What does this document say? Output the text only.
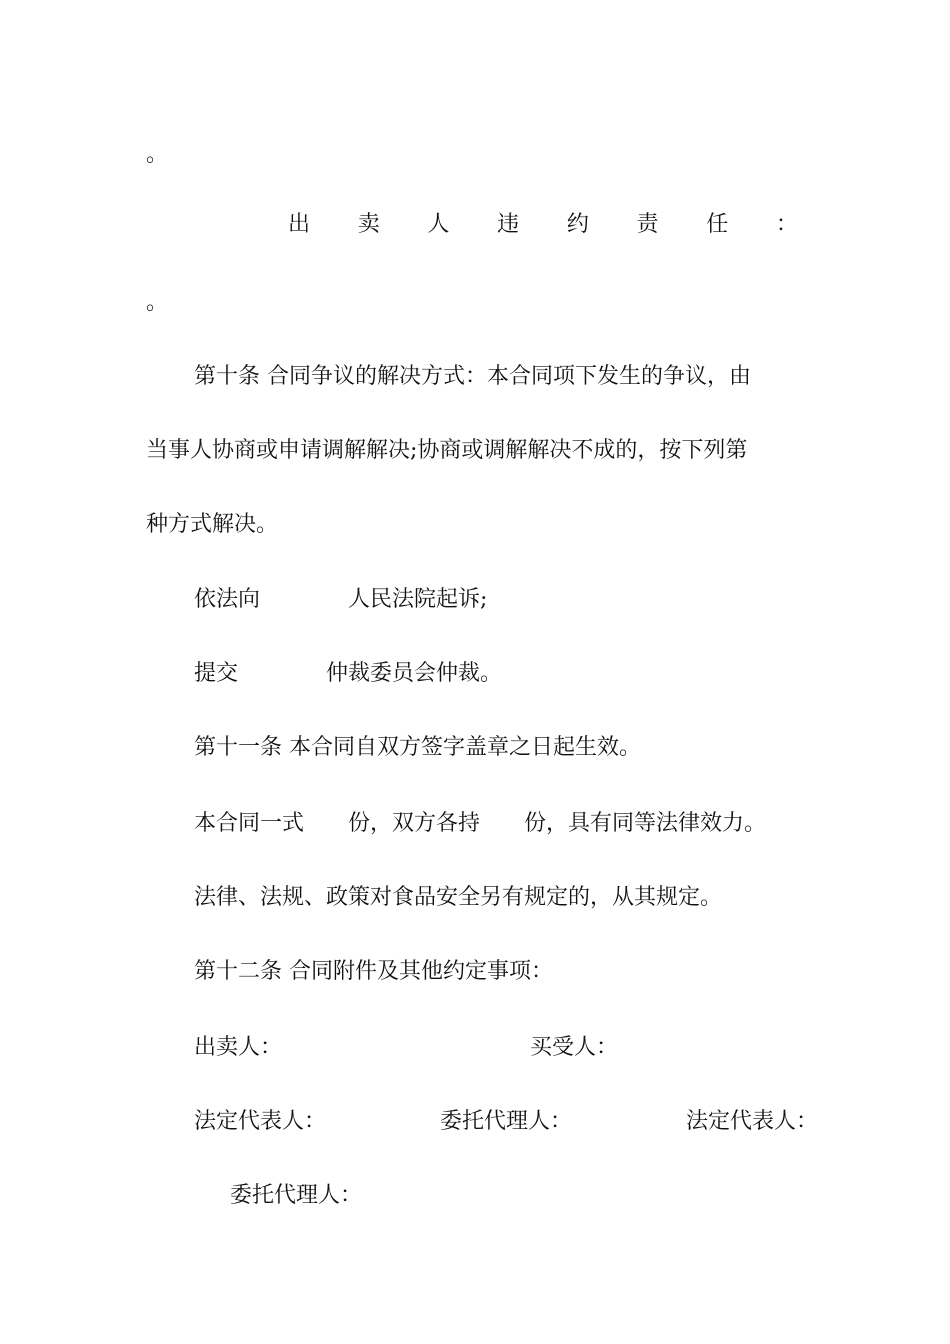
。
出 卖 人 违 约 责 任 ：
。
第十条 合同争议的解决方式：本合同项下发生的争议，由
当事人协商或申请调解解决;协商或调解解决不成的，按下列第
种方式解决。
依法向　　　　人民法院起诉;
提交　　　　仲裁委员会仲裁。
第十一条 本合同自双方签字盖章之日起生效。
本合同一式　　份，双方各持　　份，具有同等法律效力。
法律、法规、政策对食品安全另有规定的，从其规定。
第十二条 合同附件及其他约定事项：
出卖人：	买受人：
法定代表人：	委托代理人：	法定代表人：
委托代理人：
